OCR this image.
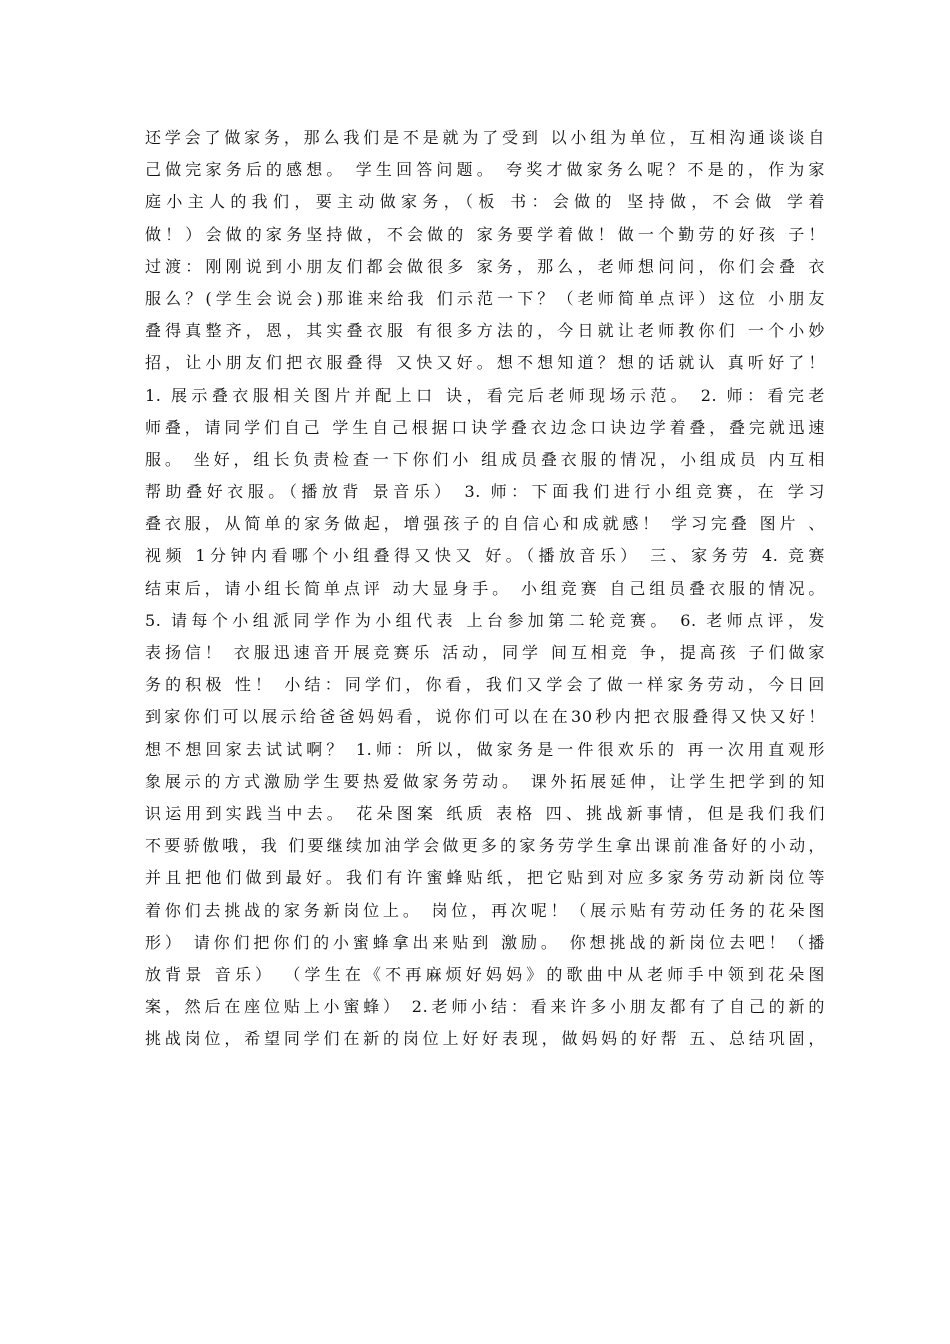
还学会了做家务，那么我们是不是就为了受到 以小组为单位，互相沟通谈谈自
己做完家务后的感想。 学生回答问题。 夸奖才做家务么呢？不是的，作为家
庭小主人的我们，要主动做家务，（板 书：会做的 坚持做，不会做 学着
做！）会做的家务坚持做，不会做的 家务要学着做！做一个勤劳的好孩 子！
过渡：刚刚说到小朋友们都会做很多 家务，那么，老师想问问，你们会叠 衣
服么？(学生会说会)那谁来给我 们示范一下？（老师简单点评）这位 小朋友
叠得真整齐，恩，其实叠衣服 有很多方法的，今日就让老师教你们 一个小妙
招，让小朋友们把衣服叠得 又快又好。想不想知道？想的话就认 真听好了！
1. 展示叠衣服相关图片并配上口 诀，看完后老师现场示范。 2. 师：看完老
师叠，请同学们自己 学生自己根据口诀学叠衣边念口诀边学着叠，叠完就迅速
服。 坐好，组长负责检查一下你们小 组成员叠衣服的情况，小组成员 内互相
帮助叠好衣服。（播放背 景音乐） 3. 师：下面我们进行小组竞赛，在 学习
叠衣服，从简单的家务做起，增强孩子的自信心和成就感！ 学习完叠 图片 、
视频 1分钟内看哪个小组叠得又快又 好。（播放音乐） 三、家务劳 4. 竞赛
结束后，请小组长简单点评 动大显身手。 小组竞赛 自己组员叠衣服的情况。
5. 请每个小组派同学作为小组代表 上台参加第二轮竞赛。 6. 老师点评，发
表扬信！ 衣服迅速音开展竞赛乐 活动，同学 间互相竞 争，提高孩 子们做家
务的积极 性！ 小结：同学们，你看，我们又学会了做一样家务劳动，今日回
到家你们可以展示给爸爸妈妈看，说你们可以在在30秒内把衣服叠得又快又好！
想不想回家去试试啊？ 1.师：所以，做家务是一件很欢乐的 再一次用直观形
象展示的方式激励学生要热爱做家务劳动。 课外拓展延伸，让学生把学到的知
识运用到实践当中去。 花朵图案 纸质 表格 四、挑战新事情，但是我们我们
不要骄傲哦，我 们要继续加油学会做更多的家务劳学生拿出课前准备好的小动，
并且把他们做到最好。我们有许蜜蜂贴纸，把它贴到对应多家务劳动新岗位等
着你们去挑战的家务新岗位上。 岗位，再次呢！（展示贴有劳动任务的花朵图
形） 请你们把你们的小蜜蜂拿出来贴到 激励。 你想挑战的新岗位去吧！（播
放背景 音乐） （学生在《不再麻烦好妈妈》的歌曲中从老师手中领到花朵图
案，然后在座位贴上小蜜蜂） 2.老师小结：看来许多小朋友都有了自己的新的
挑战岗位，希望同学们在新的岗位上好好表现，做妈妈的好帮 五、总结巩固，
